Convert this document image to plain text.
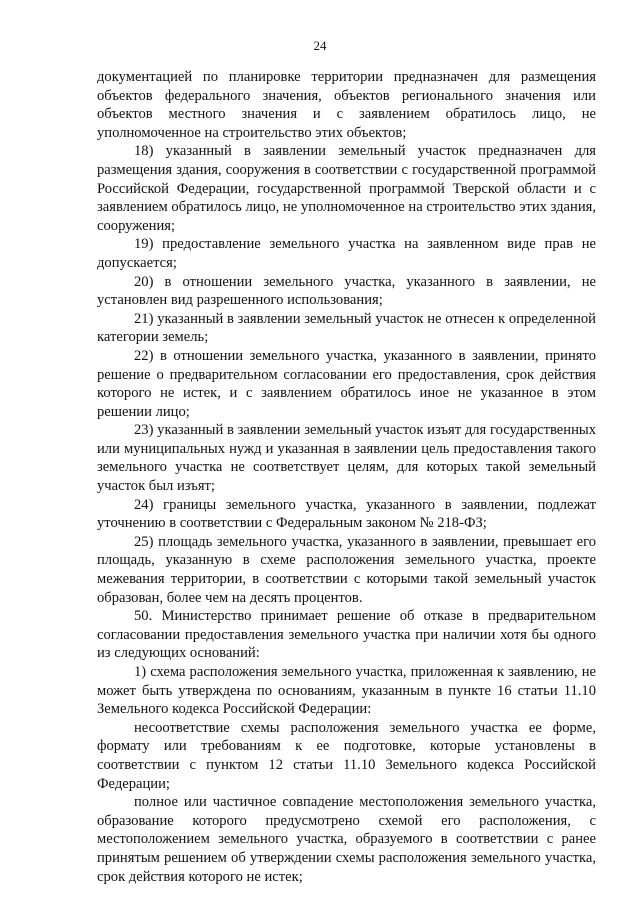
24

документацией по планировке территории предназначен для размещения объектов федерального значения, объектов регионального значения или объектов местного значения и с заявлением обратилось лицо, не уполномоченное на строительство этих объектов;

18) указанный в заявлении земельный участок предназначен для размещения здания, сооружения в соответствии с государственной программой Российской Федерации, государственной программой Тверской области и с заявлением обратилось лицо, не уполномоченное на строительство этих здания, сооружения;

19) предоставление земельного участка на заявленном виде прав не допускается;

20) в отношении земельного участка, указанного в заявлении, не установлен вид разрешенного использования;

21) указанный в заявлении земельный участок не отнесен к определенной категории земель;

22) в отношении земельного участка, указанного в заявлении, принято решение о предварительном согласовании его предоставления, срок действия которого не истек, и с заявлением обратилось иное не указанное в этом решении лицо;

23) указанный в заявлении земельный участок изъят для государственных или муниципальных нужд и указанная в заявлении цель предоставления такого земельного участка не соответствует целям, для которых такой земельный участок был изъят;

24) границы земельного участка, указанного в заявлении, подлежат уточнению в соответствии с Федеральным законом № 218-ФЗ;

25) площадь земельного участка, указанного в заявлении, превышает его площадь, указанную в схеме расположения земельного участка, проекте межевания территории, в соответствии с которыми такой земельный участок образован, более чем на десять процентов.

50. Министерство принимает решение об отказе в предварительном согласовании предоставления земельного участка при наличии хотя бы одного из следующих оснований:

1) схема расположения земельного участка, приложенная к заявлению, не может быть утверждена по основаниям, указанным в пункте 16 статьи 11.10 Земельного кодекса Российской Федерации:

несоответствие схемы расположения земельного участка ее форме, формату или требованиям к ее подготовке, которые установлены в соответствии с пунктом 12 статьи 11.10 Земельного кодекса Российской Федерации;

полное или частичное совпадение местоположения земельного участка, образование которого предусмотрено схемой его расположения, с местоположением земельного участка, образуемого в соответствии с ранее принятым решением об утверждении схемы расположения земельного участка, срок действия которого не истек;
